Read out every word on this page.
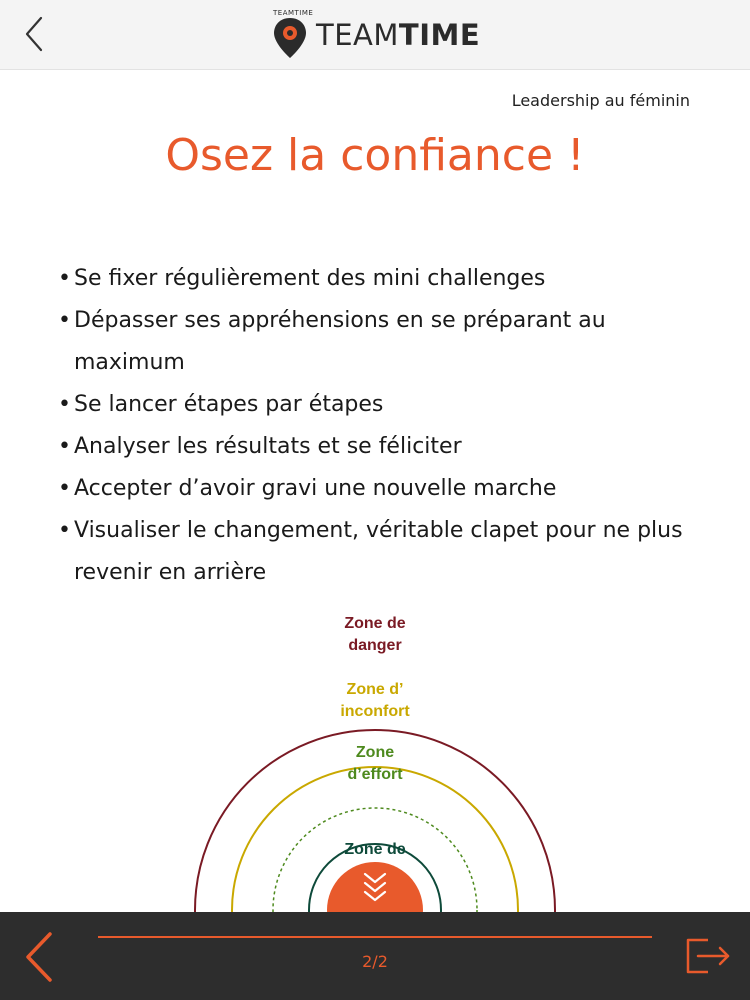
TEAMTIME
TEAMTIME
Leadership au féminin
Osez la confiance !
• Se fixer régulièrement des mini challenges
• Dépasser ses appréhensions en se préparant au maximum
• Se lancer étapes par étapes
• Analyser les résultats et se féliciter
• Accepter d’avoir gravi une nouvelle marche
• Visualiser le changement, véritable clapet pour ne plus revenir en arrière
Zone de
danger
Zone d’
inconfort
Zone
d’effort
Zone de
2/2
